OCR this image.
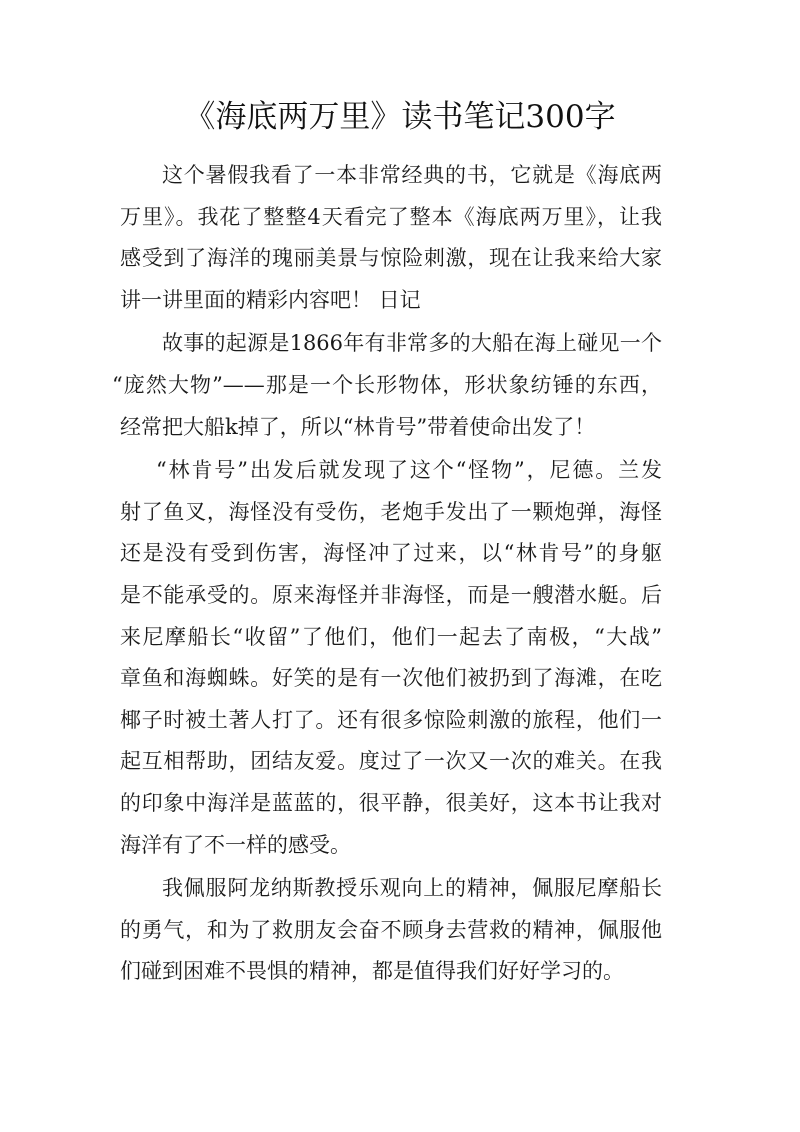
《海底两万里》读书笔记300字

这个暑假我看了一本非常经典的书，它就是《海底两
万里》。我花了整整4天看完了整本《海底两万里》，让我
感受到了海洋的瑰丽美景与惊险刺激，现在让我来给大家
讲一讲里面的精彩内容吧！ 日记

故事的起源是1866年有非常多的大船在海上碰见一个
“庞然大物”——那是一个长形物体，形状象纺锤的东西，
经常把大船k掉了，所以“林肯号”带着使命出发了！

“林肯号”出发后就发现了这个“怪物”，尼德。兰发
射了鱼叉，海怪没有受伤，老炮手发出了一颗炮弹，海怪
还是没有受到伤害，海怪冲了过来，以“林肯号”的身躯
是不能承受的。原来海怪并非海怪，而是一艘潜水艇。后
来尼摩船长“收留”了他们，他们一起去了南极，“大战”
章鱼和海蜘蛛。好笑的是有一次他们被扔到了海滩，在吃
椰子时被土著人打了。还有很多惊险刺激的旅程，他们一
起互相帮助，团结友爱。度过了一次又一次的难关。在我
的印象中海洋是蓝蓝的，很平静，很美好，这本书让我对
海洋有了不一样的感受。

我佩服阿龙纳斯教授乐观向上的精神，佩服尼摩船长
的勇气，和为了救朋友会奋不顾身去营救的精神，佩服他
们碰到困难不畏惧的精神，都是值得我们好好学习的。
